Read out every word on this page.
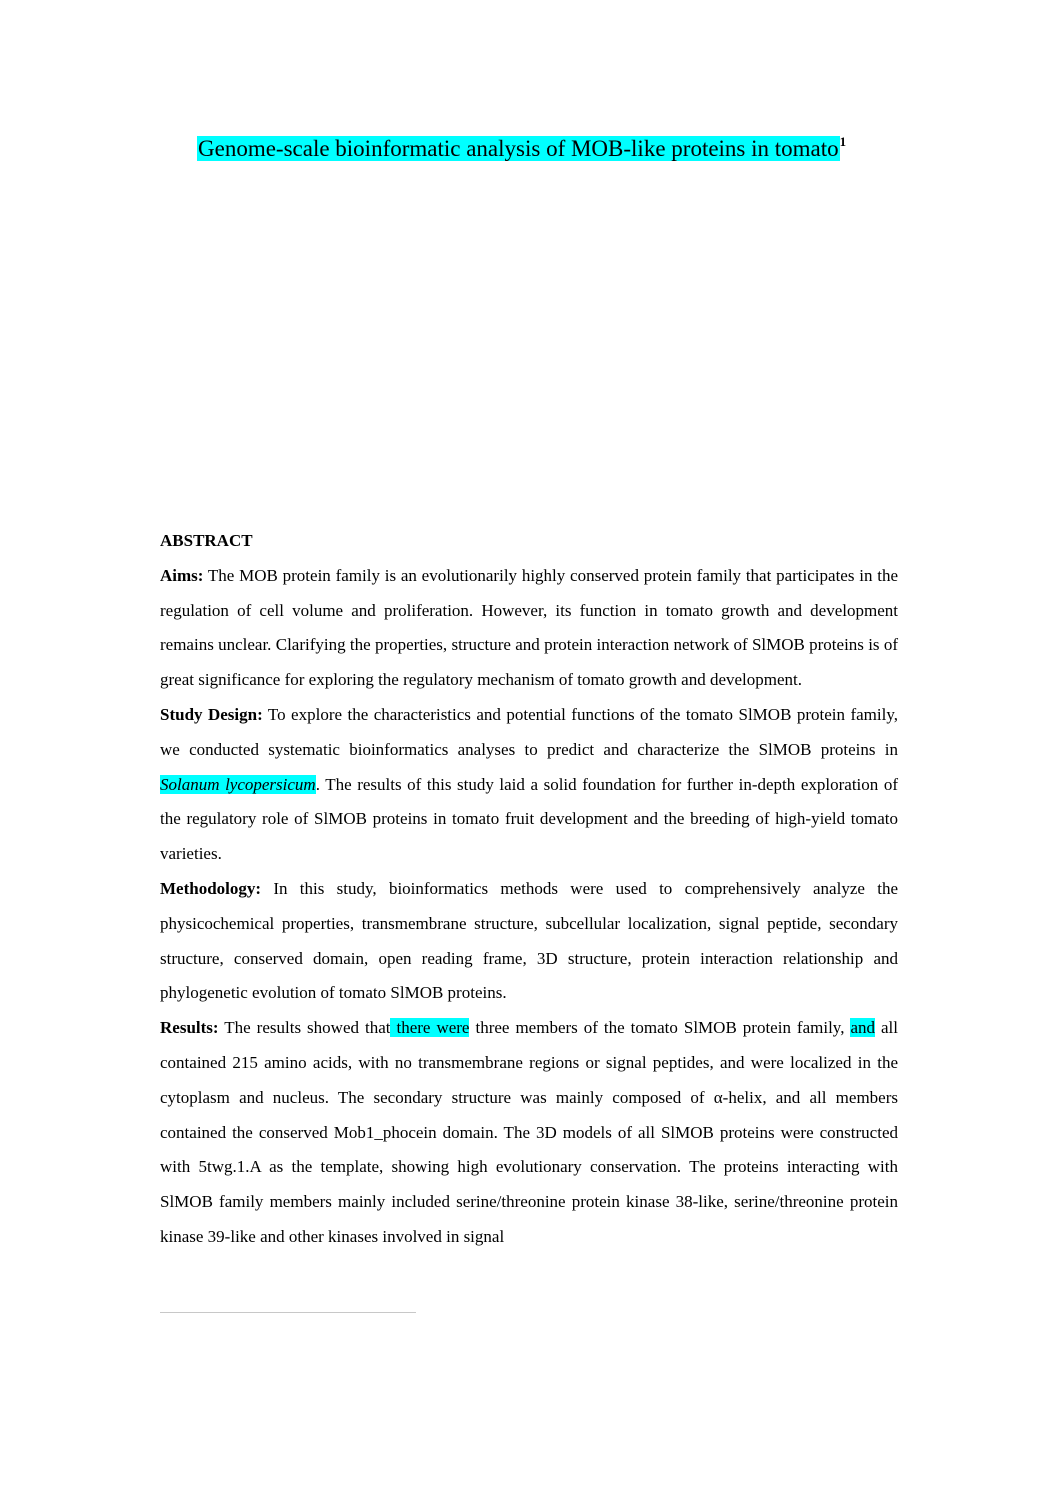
Genome-scale bioinformatic analysis of MOB-like proteins in tomato$^1$

ABSTRACT

Aims: The MOB protein family is an evolutionarily highly conserved protein family that participates in the regulation of cell volume and proliferation. However, its function in tomato growth and development remains unclear. Clarifying the properties, structure and protein interaction network of SlMOB proteins is of great significance for exploring the regulatory mechanism of tomato growth and development.

Study Design: To explore the characteristics and potential functions of the tomato SlMOB protein family, we conducted systematic bioinformatics analyses to predict and characterize the SlMOB proteins in Solanum lycopersicum. The results of this study laid a solid foundation for further in-depth exploration of the regulatory role of SlMOB proteins in tomato fruit development and the breeding of high-yield tomato varieties.

Methodology: In this study, bioinformatics methods were used to comprehensively analyze the physicochemical properties, transmembrane structure, subcellular localization, signal peptide, secondary structure, conserved domain, open reading frame, 3D structure, protein interaction relationship and phylogenetic evolution of tomato SlMOB proteins.

Results: The results showed that there were three members of the tomato SlMOB protein family, and all contained 215 amino acids, with no transmembrane regions or signal peptides, and were localized in the cytoplasm and nucleus. The secondary structure was mainly composed of α-helix, and all members contained the conserved Mob1_phocein domain. The 3D models of all SlMOB proteins were constructed with 5twg.1.A as the template, showing high evolutionary conservation. The proteins interacting with SlMOB family members mainly included serine/threonine protein kinase 38-like, serine/threonine protein kinase 39-like and other kinases involved in signal
